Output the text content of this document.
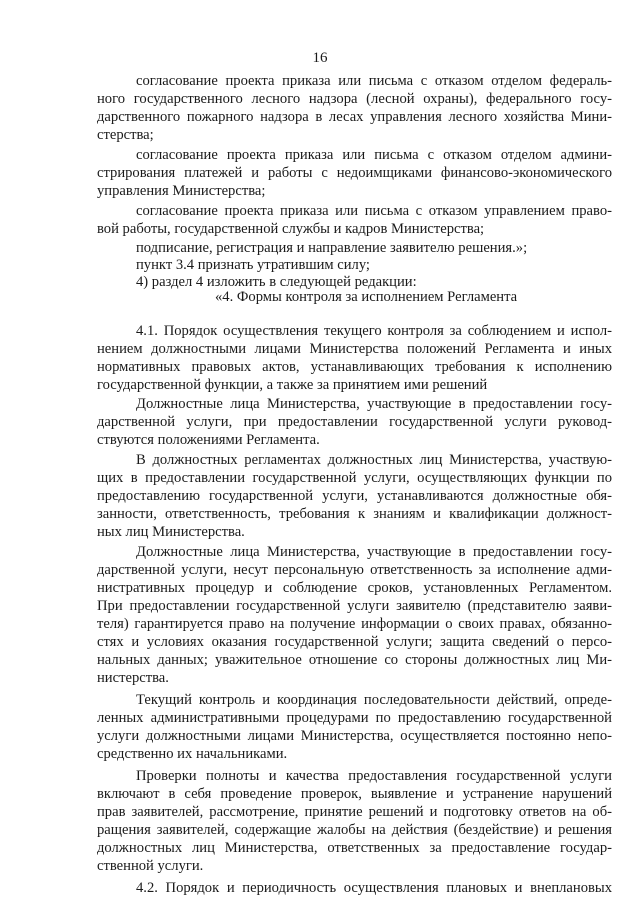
16
согласование проекта приказа или письма с отказом отделом федераль-
ного государственного лесного надзора (лесной охраны), федерального госу-
дарственного пожарного надзора в лесах управления лесного хозяйства Мини-
стерства;
согласование проекта приказа или письма с отказом отделом админи-
стрирования платежей и работы с недоимщиками финансово-экономического
управления Министерства;
согласование проекта приказа или письма с отказом управлением право-
вой работы, государственной службы и кадров Министерства;
подписание, регистрация и направление заявителю решения.»;
пункт 3.4 признать утратившим силу;
4) раздел 4 изложить в следующей редакции:
«4. Формы контроля за исполнением Регламента
4.1. Порядок осуществления текущего контроля за соблюдением и испол-
нением должностными лицами Министерства положений Регламента и иных
нормативных правовых актов, устанавливающих требования к исполнению
государственной функции, а также за принятием ими решений
Должностные лица Министерства, участвующие в предоставлении госу-
дарственной услуги, при предоставлении государственной услуги руковод-
ствуются положениями Регламента.
В должностных регламентах должностных лиц Министерства, участвую-
щих в предоставлении государственной услуги, осуществляющих функции по
предоставлению государственной услуги, устанавливаются должностные обя-
занности, ответственность, требования к знаниям и квалификации должност-
ных лиц Министерства.
Должностные лица Министерства, участвующие в предоставлении госу-
дарственной услуги, несут персональную ответственность за исполнение адми-
нистративных процедур и соблюдение сроков, установленных Регламентом.
При предоставлении государственной услуги заявителю (представителю заяви-
теля) гарантируется право на получение информации о своих правах, обязанно-
стях и условиях оказания государственной услуги; защита сведений о персо-
нальных данных; уважительное отношение со стороны должностных лиц Ми-
нистерства.
Текущий контроль и координация последовательности действий, опреде-
ленных административными процедурами по предоставлению государственной
услуги должностными лицами Министерства, осуществляется постоянно непо-
средственно их начальниками.
Проверки полноты и качества предоставления государственной услуги
включают в себя проведение проверок, выявление и устранение нарушений
прав заявителей, рассмотрение, принятие решений и подготовку ответов на об-
ращения заявителей, содержащие жалобы на действия (бездействие) и решения
должностных лиц Министерства, ответственных за предоставление государ-
ственной услуги.
4.2. Порядок и периодичность осуществления плановых и внеплановых
